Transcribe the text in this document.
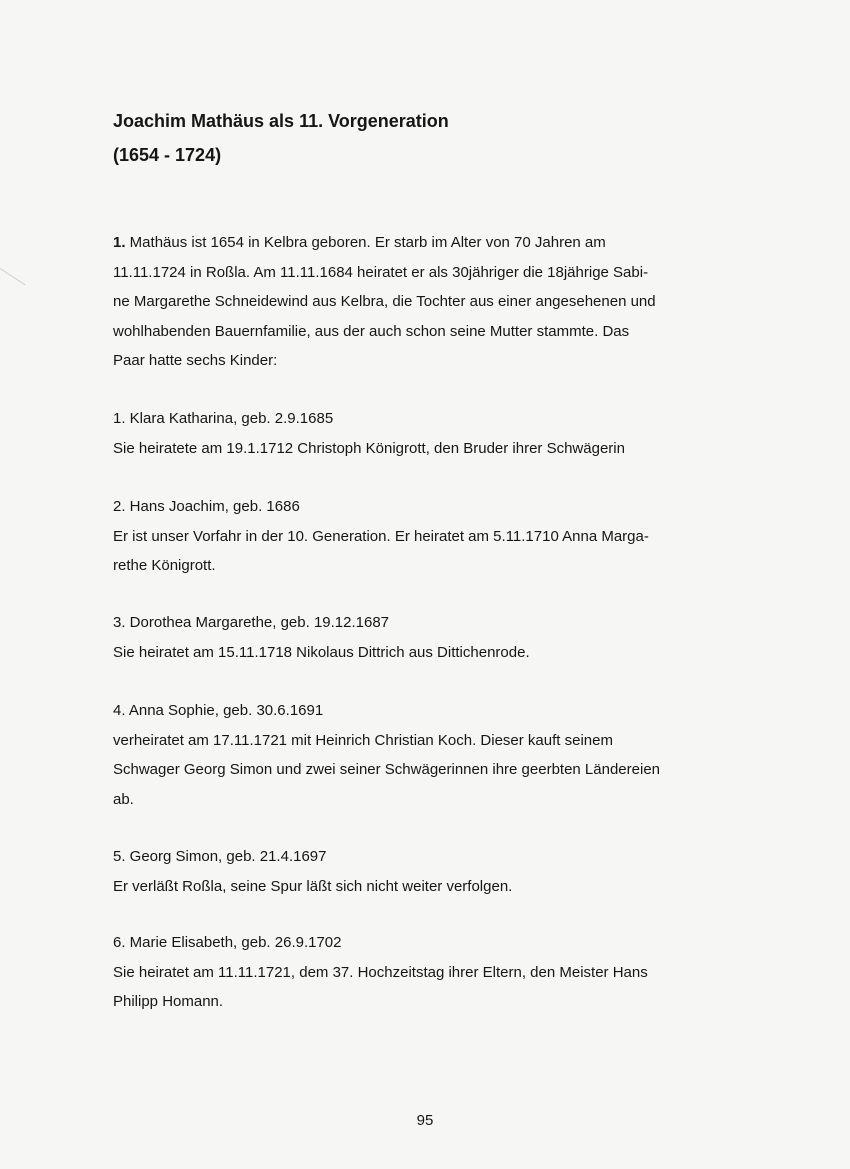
Joachim Mathäus als 11. Vorgeneration
(1654 - 1724)
1. Mathäus ist 1654 in Kelbra geboren. Er starb im Alter von 70 Jahren am
11.11.1724 in Roßla. Am 11.11.1684 heiratet er als 30jähriger die 18jährige Sabi-
ne Margarethe Schneidewind aus Kelbra, die Tochter aus einer angesehenen und
wohlhabenden Bauernfamilie, aus der auch schon seine Mutter stammte. Das
Paar hatte sechs Kinder:
1. Klara Katharina, geb. 2.9.1685
Sie heiratete am 19.1.1712 Christoph Königrott, den Bruder ihrer Schwägerin
2. Hans Joachim, geb. 1686
Er ist unser Vorfahr in der 10. Generation. Er heiratet am 5.11.1710 Anna Marga-
rethe Königrott.
3. Dorothea Margarethe, geb. 19.12.1687
Sie heiratet am 15.11.1718 Nikolaus Dittrich aus Dittichenrode.
4. Anna Sophie, geb. 30.6.1691
verheiratet am 17.11.1721 mit Heinrich Christian Koch. Dieser kauft seinem
Schwager Georg Simon und zwei seiner Schwägerinnen ihre geerbten Ländereien
ab.
5. Georg Simon, geb. 21.4.1697
Er verläßt Roßla, seine Spur läßt sich nicht weiter verfolgen.
6. Marie Elisabeth, geb. 26.9.1702
Sie heiratet am 11.11.1721, dem 37. Hochzeitstag ihrer Eltern, den Meister Hans
Philipp Homann.
95
